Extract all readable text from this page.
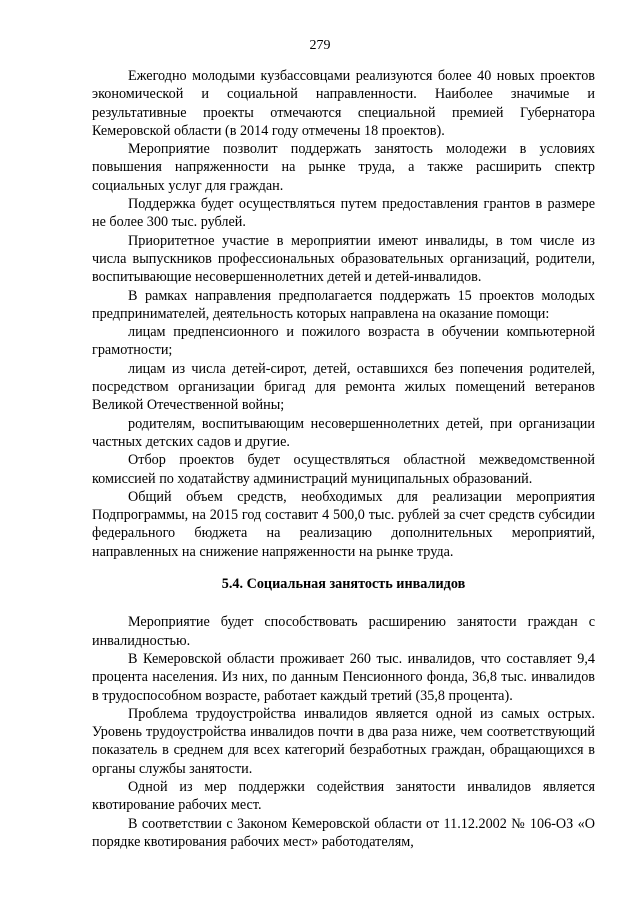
279

Ежегодно молодыми кузбассовцами реализуются более 40 новых проектов экономической и социальной направленности. Наиболее значимые и результативные проекты отмечаются специальной премией Губернатора Кемеровской области (в 2014 году отмечены 18 проектов).

Мероприятие позволит поддержать занятость молодежи в условиях повышения напряженности на рынке труда, а также расширить спектр социальных услуг для граждан.

Поддержка будет осуществляться путем предоставления грантов в размере не более 300 тыс. рублей.

Приоритетное участие в мероприятии имеют инвалиды, в том числе из числа выпускников профессиональных образовательных организаций, родители, воспитывающие несовершеннолетних детей и детей-инвалидов.

В рамках направления предполагается поддержать 15 проектов молодых предпринимателей, деятельность которых направлена на оказание помощи:

лицам предпенсионного и пожилого возраста в обучении компьютерной грамотности;

лицам из числа детей-сирот, детей, оставшихся без попечения родителей, посредством организации бригад для ремонта жилых помещений ветеранов Великой Отечественной войны;

родителям, воспитывающим несовершеннолетних детей, при организации частных детских садов и другие.

Отбор проектов будет осуществляться областной межведомственной комиссией по ходатайству администраций муниципальных образований.

Общий объем средств, необходимых для реализации мероприятия Подпрограммы, на 2015 год составит 4 500,0 тыс. рублей за счет средств субсидии федерального бюджета на реализацию дополнительных мероприятий, направленных на снижение напряженности на рынке труда.

5.4. Социальная занятость инвалидов

Мероприятие будет способствовать расширению занятости граждан с инвалидностью.

В Кемеровской области проживает 260 тыс. инвалидов, что составляет 9,4 процента населения. Из них, по данным Пенсионного фонда, 36,8 тыс. инвалидов в трудоспособном возрасте, работает каждый третий (35,8 процента).

Проблема трудоустройства инвалидов является одной из самых острых. Уровень трудоустройства инвалидов почти в два раза ниже, чем соответствующий показатель в среднем для всех категорий безработных граждан, обращающихся в органы службы занятости.

Одной из мер поддержки содействия занятости инвалидов является квотирование рабочих мест.

В соответствии с Законом Кемеровской области от 11.12.2002 № 106-ОЗ «О порядке квотирования рабочих мест» работодателям,
